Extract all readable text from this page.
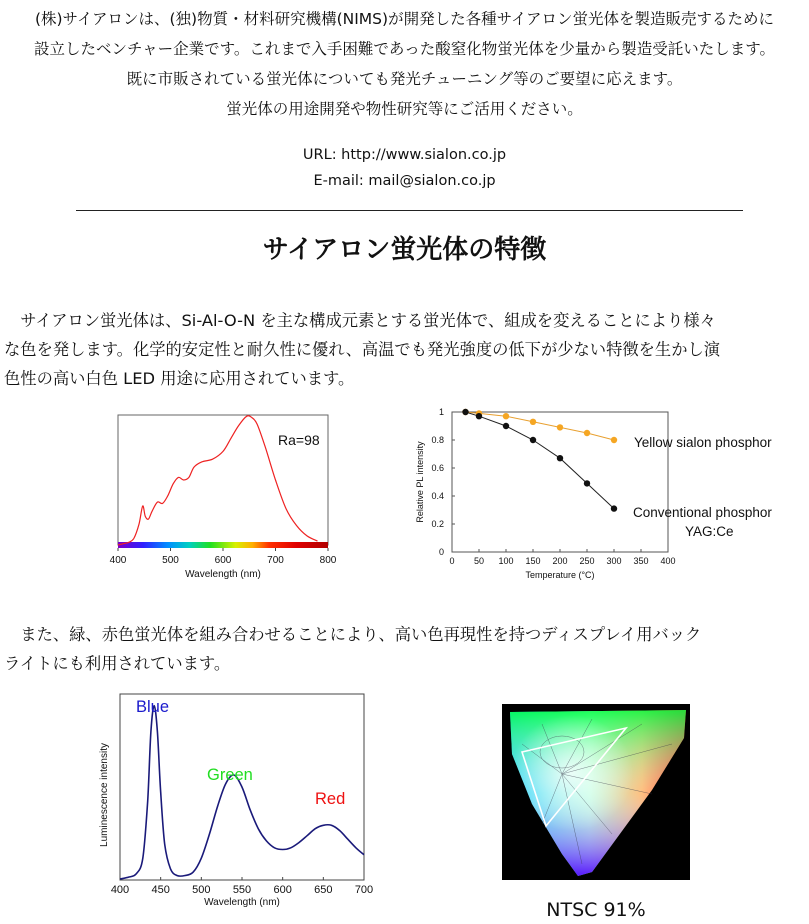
(株)サイアロンは、(独)物質・材料研究機構(NIMS)が開発した各種サイアロン蛍光体を製造販売するために

設立したベンチャー企業です。これまで入手困難であった酸窒化物蛍光体を少量から製造受託いたします。

既に市販されている蛍光体についても発光チューニング等のご要望に応えます。

蛍光体の用途開発や物性研究等にご活用ください。

URL: http://www.sialon.co.jp

E-mail: mail@sialon.co.jp

サイアロン蛍光体の特徴

　サイアロン蛍光体は、Si-Al-O-N を主な構成元素とする蛍光体で、組成を変えることにより様々

な色を発します。化学的安定性と耐久性に優れ、高温でも発光強度の低下が少ない特徴を生かし演

色性の高い白色 LED 用途に応用されています。

400	500	600	700	800
Wavelength (nm)
Ra=98
0 50 100 150 200 250 300 350 400
0
0.2
0.4
0.6
0.8
1
Temperature (°C)
Relative PL intensity	Yellow sialon phosphor
Conventional phosphor YAG:Ce

　また、緑、赤色蛍光体を組み合わせることにより、高い色再現性を持つディスプレイ用バック

ライトにも利用されています。

400 450 500 550 600 650 700
Wavelength (nm)
Luminescence intensity
Blue
Green
Red
NTSC 91%
